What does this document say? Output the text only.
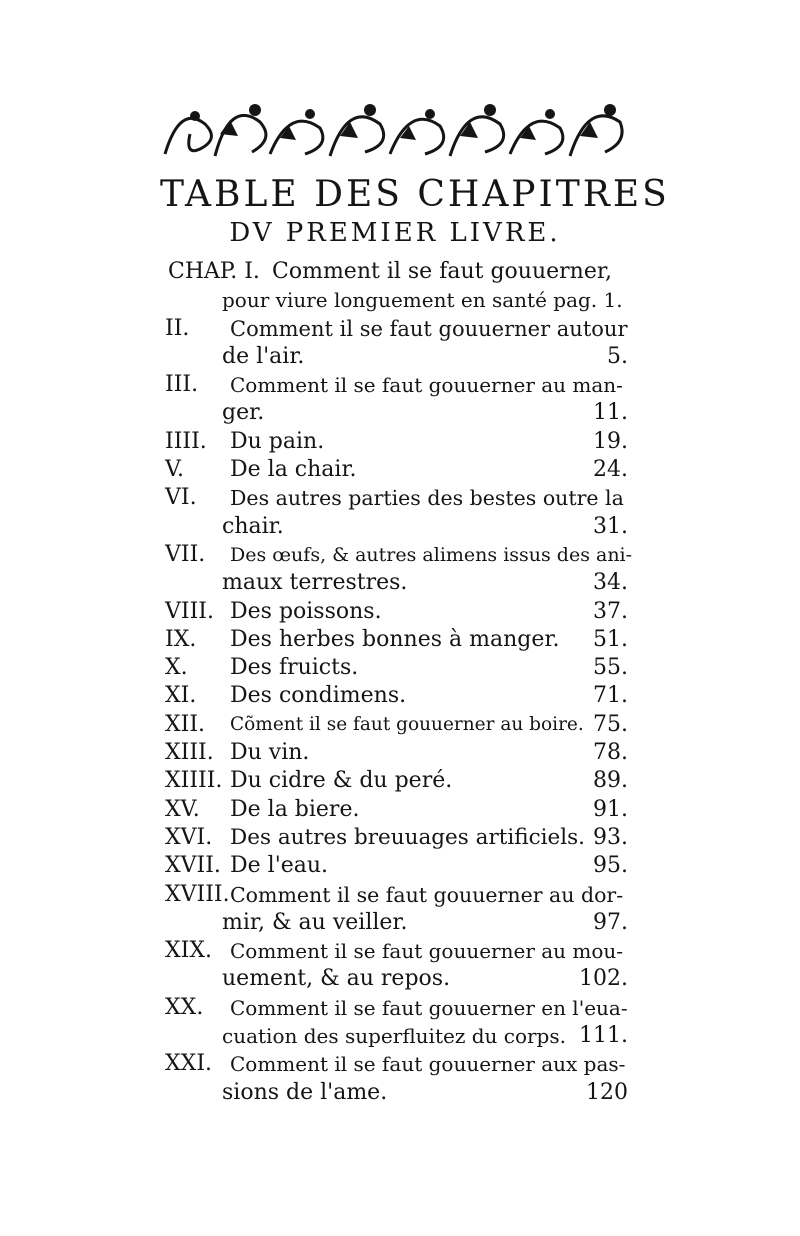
TABLE DES CHAPITRES
DV PREMIER LIVRE.
CHAP. I. Comment il se faut gouuerner,
pour viure longuement en santé pag. 1.
II. Comment il se faut gouuerner autour
de l'air.	5.
III. Comment il se faut gouuerner au man-
ger.	11.
IIII. Du pain.	19.
V. De la chair.	24.
VI. Des autres parties des bestes outre la
chair.	31.
VII. Des œufs, & autres alimens issus des ani-
maux terrestres.	34.
VIII. Des poissons.	37.
IX. Des herbes bonnes à manger. 51.
X. Des fruicts.	55.
XI. Des condimens.	71.
XII. Cõment il se faut gouuerner au boire. 75.
XIII. Du vin.	78.
XIIII. Du cidre & du peré.	89.
XV. De la biere.	91.
XVI. Des autres breuuages artificiels. 93.
XVII. De l'eau.	95.
XVIII. Comment il se faut gouuerner au dor-
mir, & au veiller.	97.
XIX. Comment il se faut gouuerner au mou-
uement, & au repos.	102.
XX. Comment il se faut gouuerner en l'eua-
cuation des superfluitez du corps. 111.
XXI. Comment il se faut gouuerner aux pas-
sions de l'ame.	120
